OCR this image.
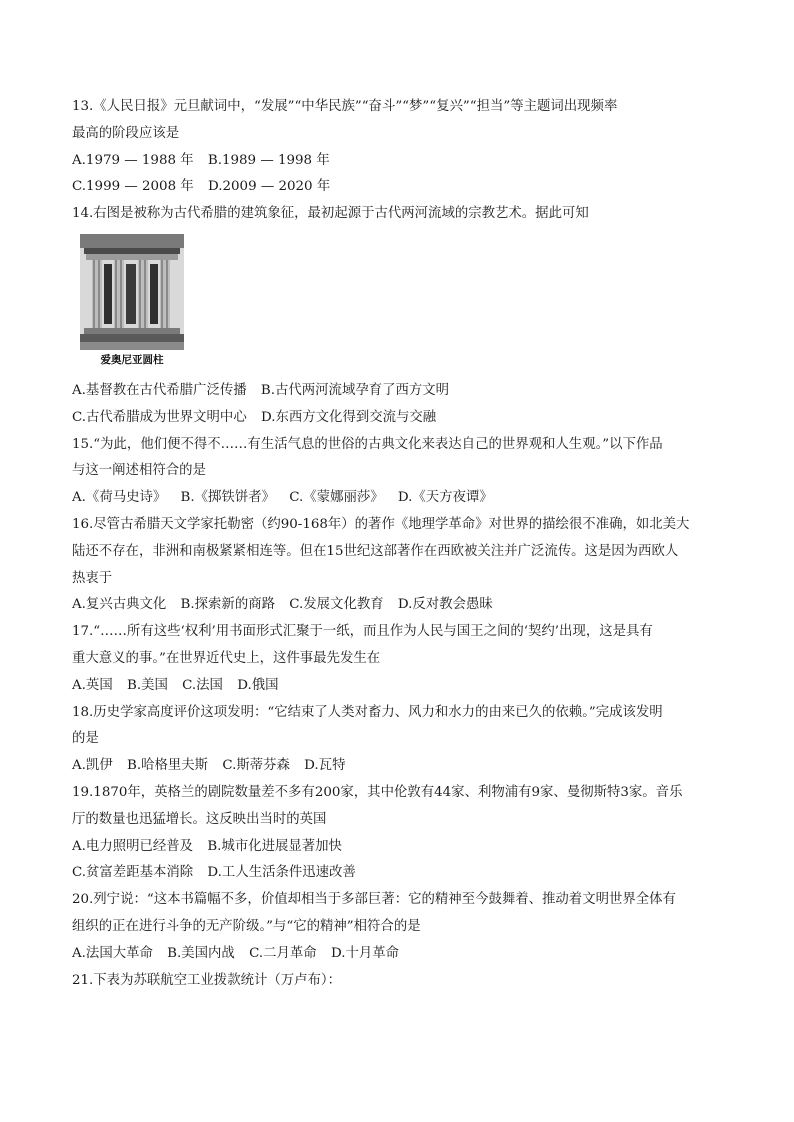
13.《人民日报》元旦献词中，“发展”“中华民族”“奋斗”“梦”“复兴”“担当”等主题词出现频率
最高的阶段应该是
A.1979 — 1988 年 B.1989 — 1998 年
C.1999 — 2008 年 D.2009 — 2020 年
14.右图是被称为古代希腊的建筑象征，最初起源于古代两河流域的宗教艺术。据此可知
爱奥尼亚圆柱
A.基督教在古代希腊广泛传播 B.古代两河流域孕育了西方文明
C.古代希腊成为世界文明中心 D.东西方文化得到交流与交融
15.“为此，他们便不得不……有生活气息的世俗的古典文化来表达自己的世界观和人生观。”以下作品
与这一阐述相符合的是
A.《荷马史诗》 B.《掷铁饼者》 C.《蒙娜丽莎》 D.《天方夜谭》
16.尽管古希腊天文学家托勒密（约90-168年）的著作《地理学革命》对世界的描绘很不准确，如北美大
陆还不存在，非洲和南极紧紧相连等。但在15世纪这部著作在西欧被关注并广泛流传。这是因为西欧人
热衷于
A.复兴古典文化 B.探索新的商路 C.发展文化教育 D.反对教会愚昧
17.“……所有这些‘权利’用书面形式汇聚于一纸，而且作为人民与国王之间的‘契约’出现，这是具有
重大意义的事。”在世界近代史上，这件事最先发生在
A.英国 B.美国 C.法国 D.俄国
18.历史学家高度评价这项发明：“它结束了人类对畜力、风力和水力的由来已久的依赖。”完成该发明
的是
A.凯伊 B.哈格里夫斯 C.斯蒂芬森 D.瓦特
19.1870年，英格兰的剧院数量差不多有200家，其中伦敦有44家、利物浦有9家、曼彻斯特3家。音乐
厅的数量也迅猛增长。这反映出当时的英国
A.电力照明已经普及 B.城市化进展显著加快
C.贫富差距基本消除 D.工人生活条件迅速改善
20.列宁说：“这本书篇幅不多，价值却相当于多部巨著：它的精神至今鼓舞着、推动着文明世界全体有
组织的正在进行斗争的无产阶级。”与“它的精神”相符合的是
A.法国大革命 B.美国内战 C.二月革命 D.十月革命
21.下表为苏联航空工业拨款统计（万卢布）：
